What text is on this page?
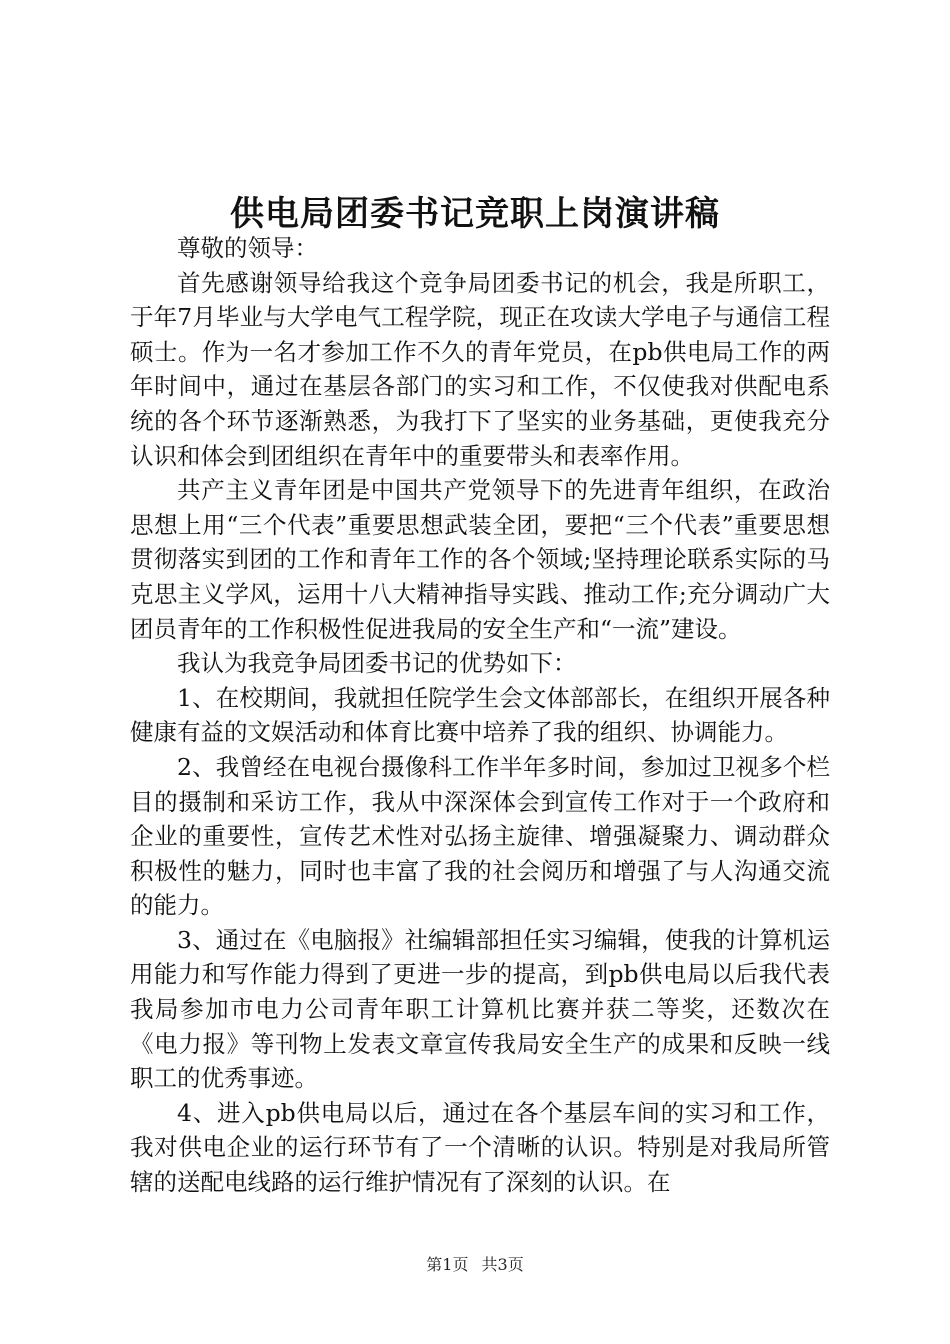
供电局团委书记竞职上岗演讲稿

尊敬的领导：

首先感谢领导给我这个竞争局团委书记的机会，我是所职工，于年7月毕业与大学电气工程学院，现正在攻读大学电子与通信工程硕士。作为一名才参加工作不久的青年党员，在pb供电局工作的两年时间中，通过在基层各部门的实习和工作，不仅使我对供配电系统的各个环节逐渐熟悉，为我打下了坚实的业务基础，更使我充分认识和体会到团组织在青年中的重要带头和表率作用。

共产主义青年团是中国共产党领导下的先进青年组织，在政治思想上用“三个代表”重要思想武装全团，要把“三个代表”重要思想贯彻落实到团的工作和青年工作的各个领域;坚持理论联系实际的马克思主义学风，运用十八大精神指导实践、推动工作;充分调动广大团员青年的工作积极性促进我局的安全生产和“一流”建设。

我认为我竞争局团委书记的优势如下：

1、在校期间，我就担任院学生会文体部部长，在组织开展各种健康有益的文娱活动和体育比赛中培养了我的组织、协调能力。

2、我曾经在电视台摄像科工作半年多时间，参加过卫视多个栏目的摄制和采访工作，我从中深深体会到宣传工作对于一个政府和企业的重要性，宣传艺术性对弘扬主旋律、增强凝聚力、调动群众积极性的魅力，同时也丰富了我的社会阅历和增强了与人沟通交流的能力。

3、通过在《电脑报》社编辑部担任实习编辑，使我的计算机运用能力和写作能力得到了更进一步的提高，到pb供电局以后我代表我局参加市电力公司青年职工计算机比赛并获二等奖，还数次在《电力报》等刊物上发表文章宣传我局安全生产的成果和反映一线职工的优秀事迹。

4、进入pb供电局以后，通过在各个基层车间的实习和工作，我对供电企业的运行环节有了一个清晰的认识。特别是对我局所管辖的送配电线路的运行维护情况有了深刻的认识。在

第1页 共3页
